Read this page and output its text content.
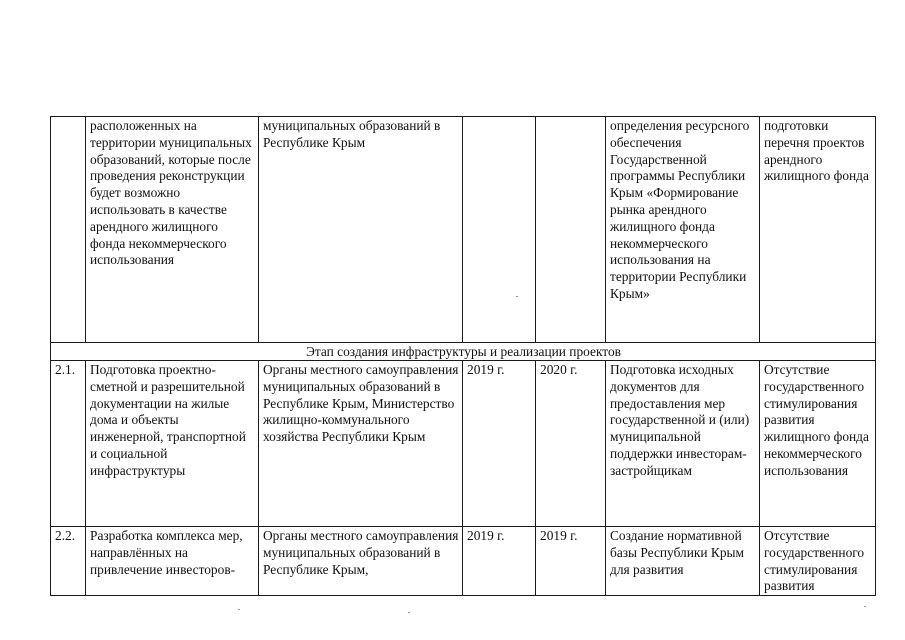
	расположенных на территории муниципальных образований, которые после проведения реконструкции будет возможно использовать в качестве арендного жилищного фонда некоммерческого использования	муниципальных образований в Республике Крым			определения ресурсного обеспечения Государственной программы Республики Крым «Формирование рынка арендного жилищного фонда некоммерческого использования на территории Республики Крым»	подготовки перечня проектов арендного жилищного фонда
Этап создания инфраструктуры и реализации проектов						
2.1.	Подготовка проектно-сметной и разрешительной документации на жилые дома и объекты инженерной, транспортной и социальной инфраструктуры	Органы местного самоуправления муниципальных образований в Республике Крым, Министерство жилищно-коммунального хозяйства Республики Крым	2019 г.	2020 г.	Подготовка исходных документов для предоставления мер государственной и (или) муниципальной поддержки инвесторам-застройщикам	Отсутствие государственного стимулирования развития жилищного фонда некоммерческого использования
2.2.	Разработка комплекса мер, направлённых на привлечение инвесторов-	Органы местного самоуправления муниципальных образований в Республике Крым,	2019 г.	2019 г.	Создание нормативной базы Республики Крым для развития	Отсутствие государственного стимулирования развития
